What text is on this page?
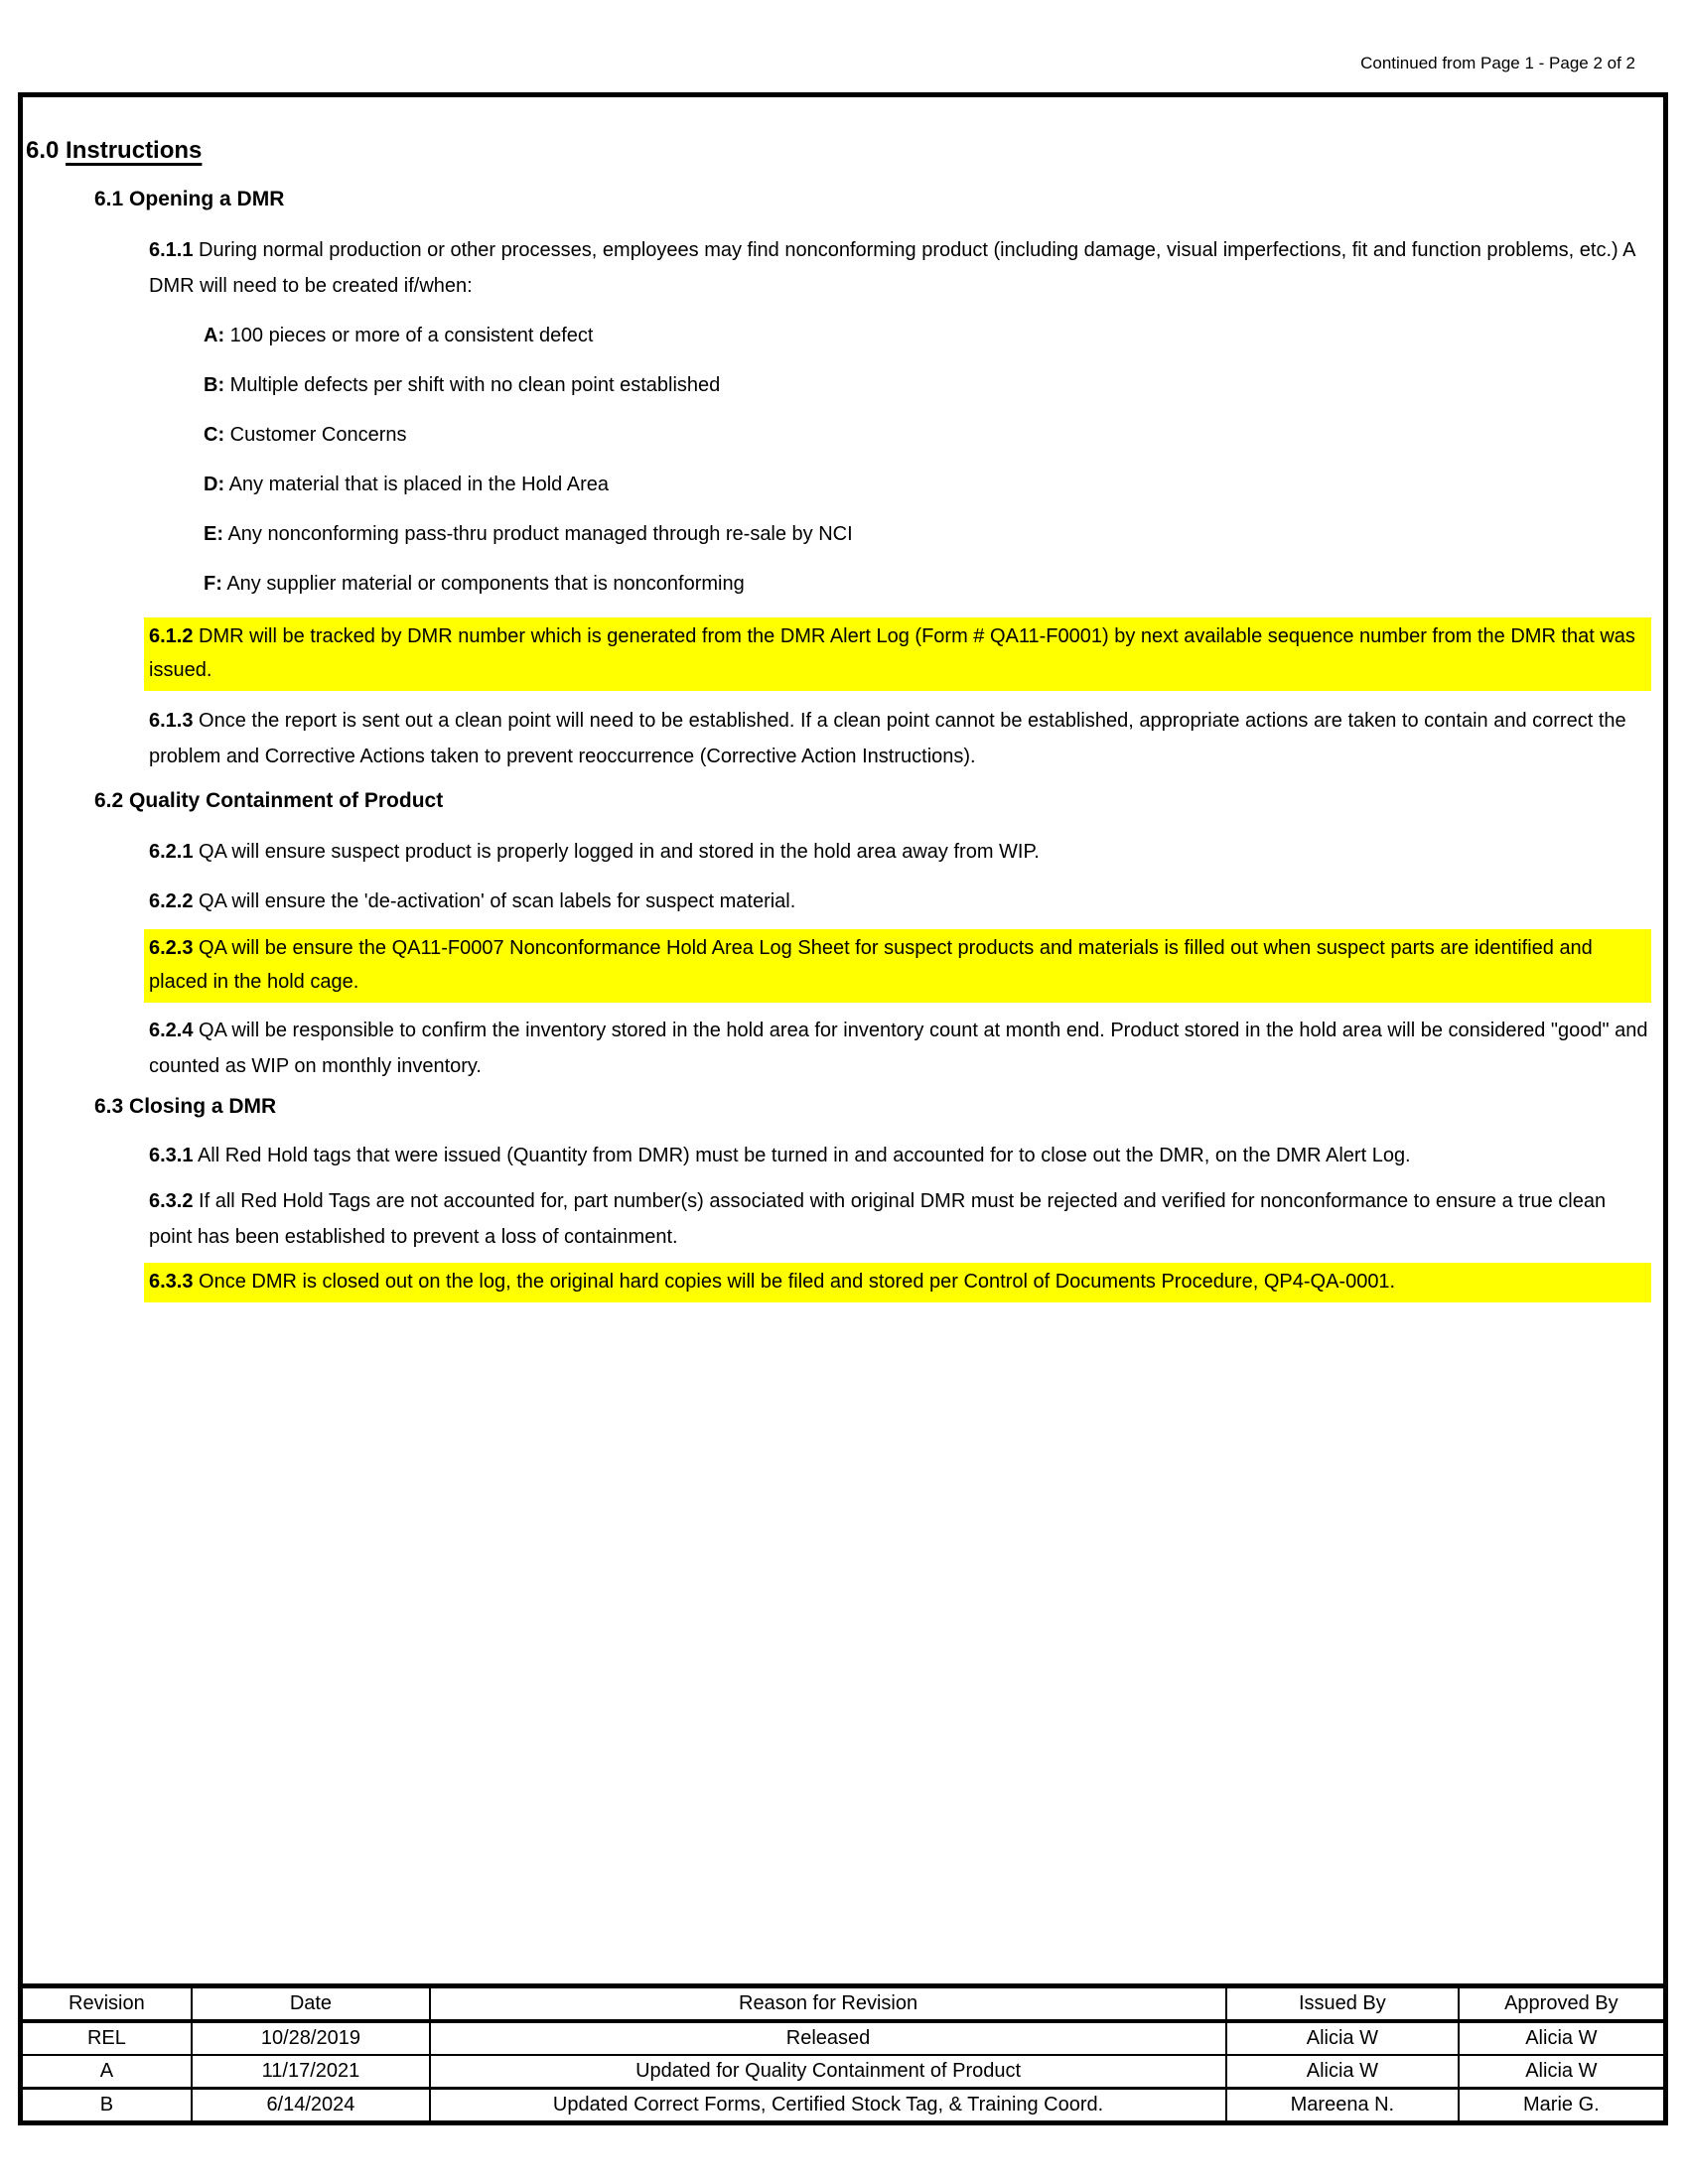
Continued from Page 1 - Page 2 of 2
6.0 Instructions
6.1 Opening a DMR

6.1.1 During normal production or other processes, employees may find nonconforming product (including damage, visual imperfections, fit and function problems, etc.) A DMR will need to be created if/when:

A: 100 pieces or more of a consistent defect

B: Multiple defects per shift with no clean point established

C: Customer Concerns

D: Any material that is placed in the Hold Area

E: Any nonconforming pass-thru product managed through re-sale by NCI

F: Any supplier material or components that is nonconforming

6.1.2 DMR will be tracked by DMR number which is generated from the DMR Alert Log (Form # QA11-F0001) by next available sequence number from the DMR that was issued.

6.1.3 Once the report is sent out a clean point will need to be established. If a clean point cannot be established, appropriate actions are taken to contain and correct the problem and Corrective Actions taken to prevent reoccurrence (Corrective Action Instructions).

6.2 Quality Containment of Product

6.2.1 QA will ensure suspect product is properly logged in and stored in the hold area away from WIP.

6.2.2 QA will ensure the 'de-activation' of scan labels for suspect material.

6.2.3 QA will be ensure the QA11-F0007 Nonconformance Hold Area Log Sheet for suspect products and materials is filled out when suspect parts are identified and placed in the hold cage.

6.2.4 QA will be responsible to confirm the inventory stored in the hold area for inventory count at month end. Product stored in the hold area will be considered "good" and counted as WIP on monthly inventory.

6.3 Closing a DMR

6.3.1 All Red Hold tags that were issued (Quantity from DMR) must be turned in and accounted for to close out the DMR, on the DMR Alert Log.

6.3.2 If all Red Hold Tags are not accounted for, part number(s) associated with original DMR must be rejected and verified for nonconformance to ensure a true clean point has been established to prevent a loss of containment.

6.3.3 Once DMR is closed out on the log, the original hard copies will be filed and stored per Control of Documents Procedure, QP4-QA-0001.

Revision	Date	Reason for Revision	Issued By	Approved By
REL	10/28/2019	Released	Alicia W	Alicia W
A	11/17/2021	Updated for Quality Containment of Product	Alicia W	Alicia W
B	6/14/2024	Updated Correct Forms, Certified Stock Tag, & Training Coord.	Mareena N.	Marie G.
